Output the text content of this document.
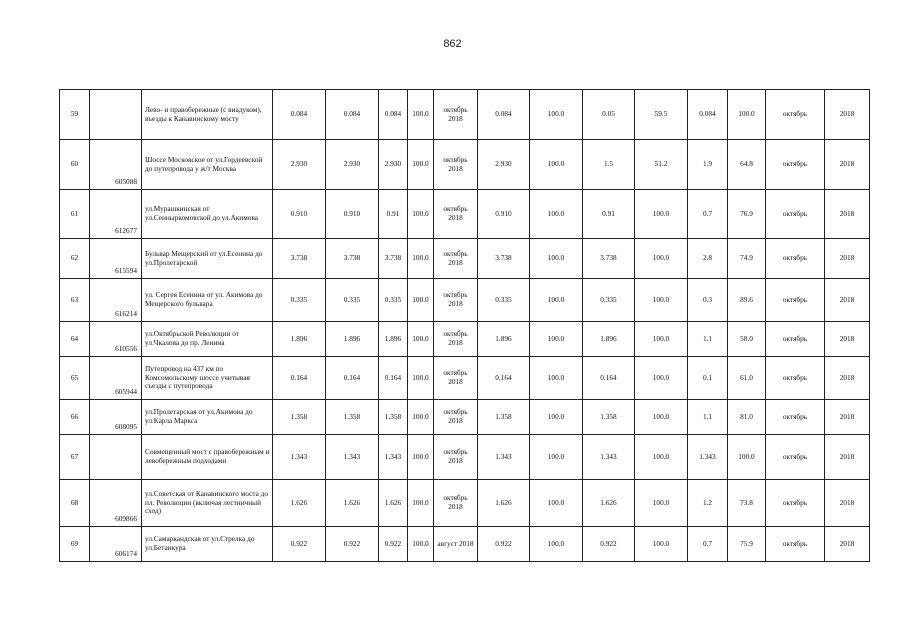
862
59		Лево- и правобережные (с виадуком), въезды к Канавинскому мосту	0.084	0.084	0.084	100.0	октябрь 2018	0.084	100.0	0.05	59.5	0.084	100.0	октябрь	2018
60	605088	Шоссе Московское от ул.Гордеевской до путепровода у ж/т Москва	2.930	2.930	2.930	100.0	октябрь 2018	2.930	100.0	1.5	51.2	1.9	64.8	октябрь	2018
61	612677	ул.Мурашкинская от ул.Сенныркомовской до ул.Акимова	0.910	0.910	0.91	100.0	октябрь 2018	0.910	100.0	0.91	100.0	0.7	76.9	октябрь	2018
62	615594	Бульвар Мещерский от ул.Есенина до ул.Пролетарской	3.738	3.738	3.738	100.0	октябрь 2018	3.738	100.0	3.738	100.0	2.8	74.9	октябрь	2018
63	616214	ул. Сергея Есенина от ул. Акимова до Мещерского бульвара	0.335	0.335	0.335	100.0	октябрь 2018	0.335	100.0	0.335	100.0	0.3	89.6	октябрь	2018
64	610556	ул.Октябрьской Революции от ул.Чкалова до пр. Ленина	1.896	1.896	1.896	100.0	октябрь 2018	1.896	100.0	1.896	100.0	1.1	58.0	октябрь	2018
65	605944	Путепровод на 437 км по Комсомольскому шоссе учитывая съезды с путепровода	0.164	0.164	0.164	100.0	октябрь 2018	0.164	100.0	0.164	100.0	0.1	61.0	октябрь	2018
66	608095	ул.Пролетарская от ул.Акимова до ул.Карла Маркса	1.358	1.358	1.358	100.0	октябрь 2018	1.358	100.0	1.358	100.0	1.1	81.0	октябрь	2018
67		Совмещенный мост с правобережным и левобережным подходами	1.343	1.343	1.343	100.0	октябрь 2018	1.343	100.0	1.343	100.0	1.343	100.0	октябрь	2018
68	609866	ул.Советская от Канавинского моста до пл. Революции (включая лестничный сход)	1.626	1.626	1.626	100.0	октябрь 2018	1.626	100.0	1.626	100.0	1.2	73.8	октябрь	2018
69	606174	ул.Самаркандская от ул.Стрелка до ул.Бетанкура	0.922	0.922	0.922	100.0	август 2018	0.922	100.0	0.922	100.0	0.7	75.9	октябрь	2018
